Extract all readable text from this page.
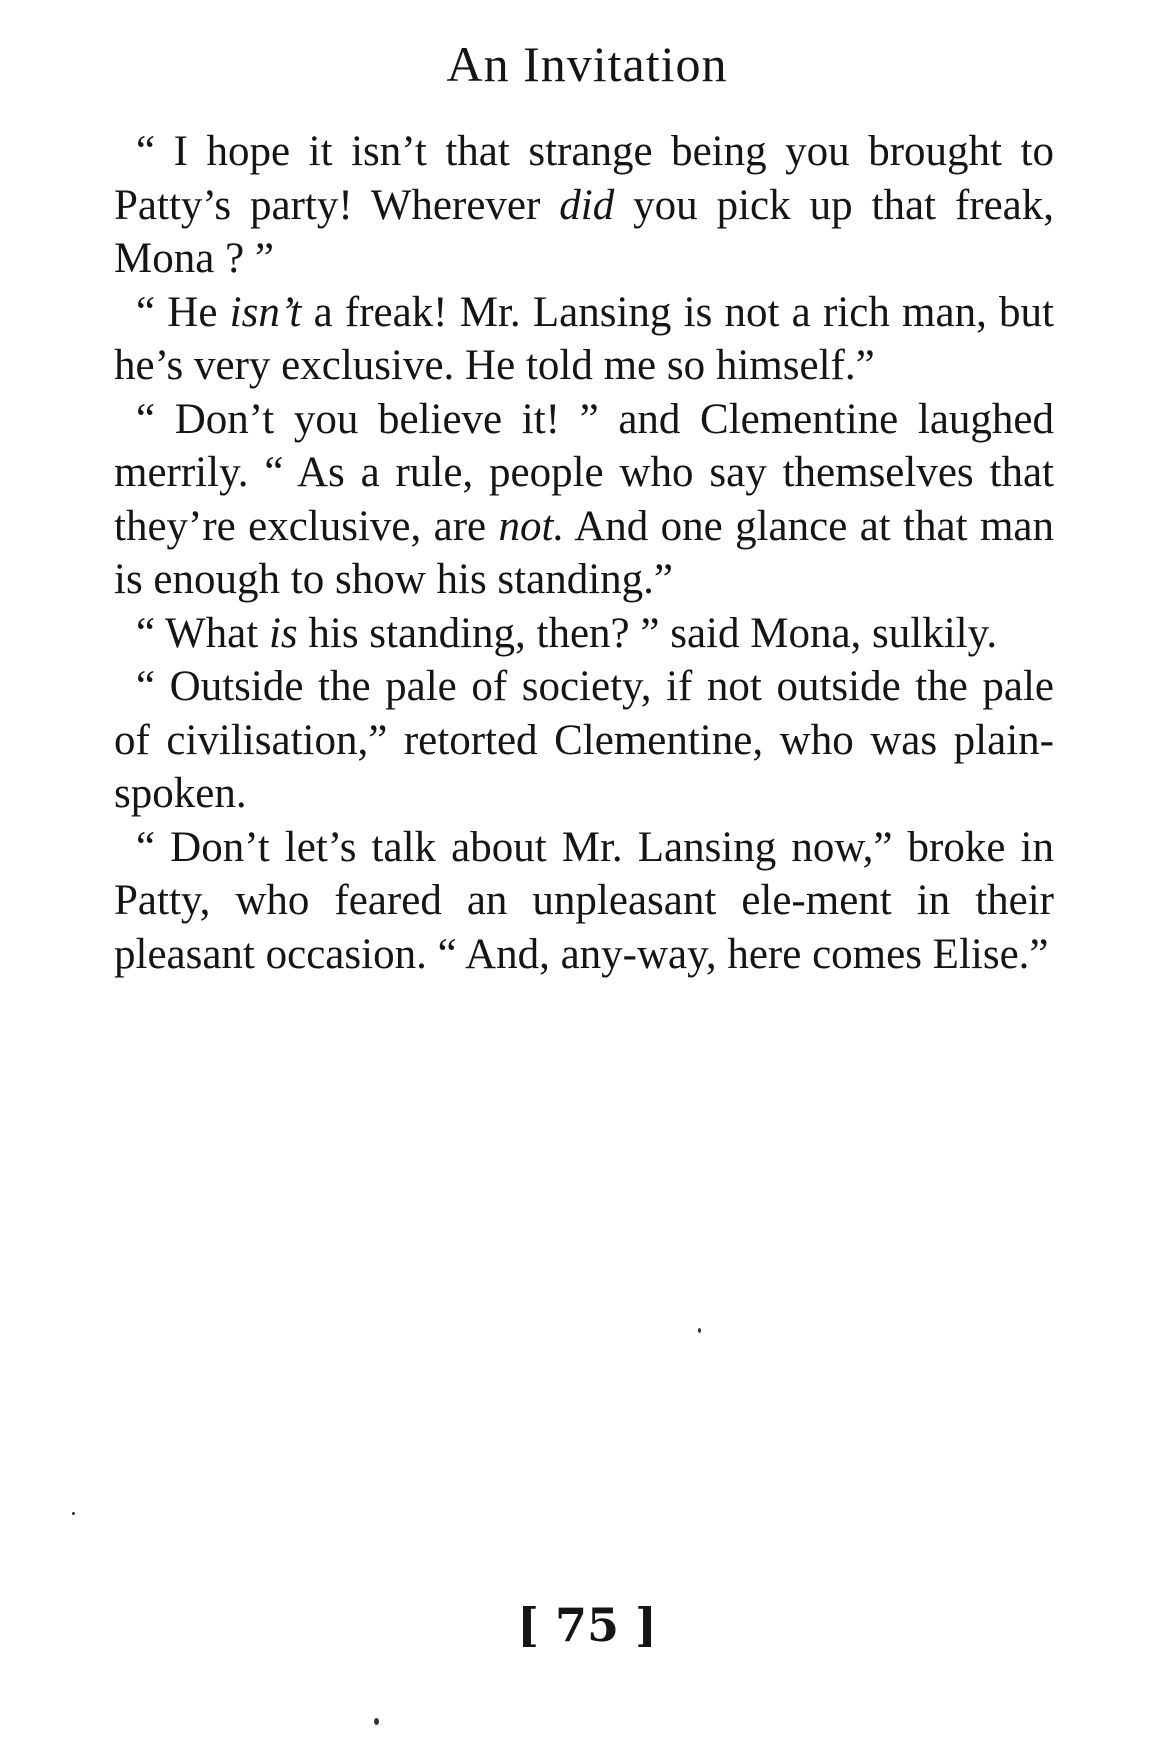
An Invitation

“ I hope it isn’t that strange being you brought to Patty’s party! Wherever did you pick up that freak, Mona ? ”

“ He isn’t a freak! Mr. Lansing is not a rich man, but he’s very exclusive. He told me so himself.”

“ Don’t you believe it! ” and Clementine laughed merrily. “ As a rule, people who say themselves that they’re exclusive, are not. And one glance at that man is enough to show his standing.”

“ What is his standing, then? ” said Mona, sulkily.

“ Outside the pale of society, if not outside the pale of civilisation,” retorted Clementine, who was plain-spoken.

“ Don’t let’s talk about Mr. Lansing now,” broke in Patty, who feared an unpleasant ele-ment in their pleasant occasion. “ And, any-way, here comes Elise.”

[ 75 ]
